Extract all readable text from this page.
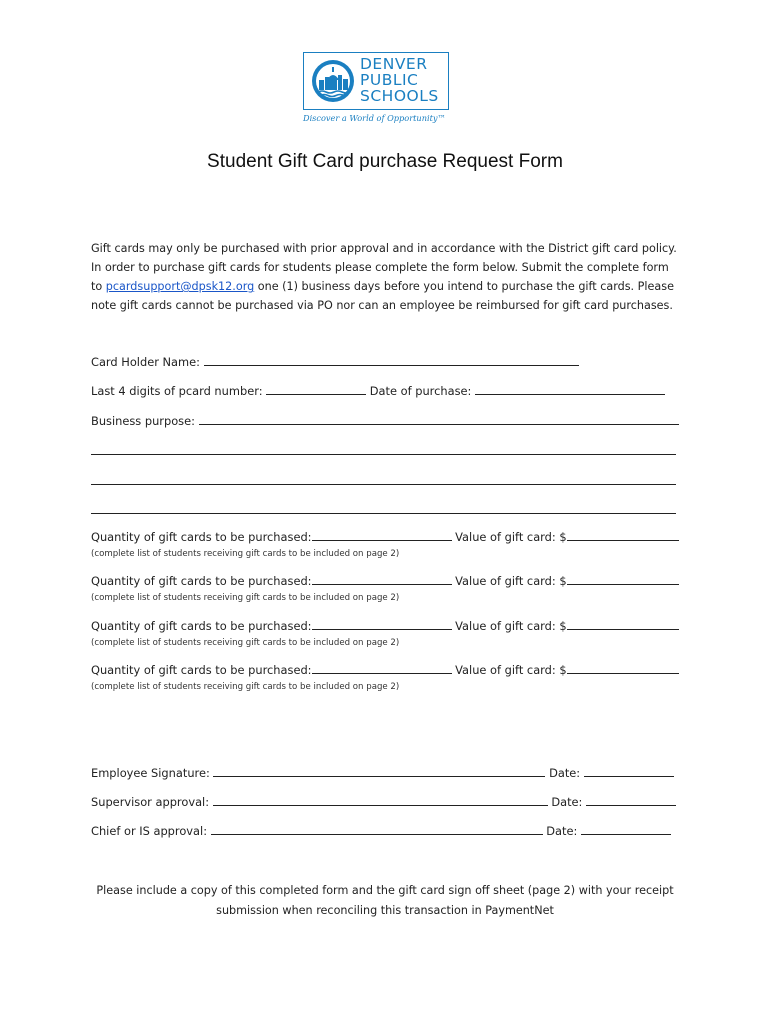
DENVER
PUBLIC
SCHOOLS
Discover a World of Opportunity™
Student Gift Card purchase Request Form

Gift cards may only be purchased with prior approval and in accordance with the District gift card policy.

In order to purchase gift cards for students please complete the form below. Submit the complete form

to pcardsupport@dpsk12.org one (1) business days before you intend to purchase the gift cards. Please

note gift cards cannot be purchased via PO nor can an employee be reimbursed for gift card purchases.

Card Holder Name:
Last 4 digits of pcard number:	Date of purchase:
Business purpose:
Quantity of gift cards to be purchased:	Value of gift card: $
(complete list of students receiving gift cards to be included on page 2)
Quantity of gift cards to be purchased:	Value of gift card: $
(complete list of students receiving gift cards to be included on page 2)
Quantity of gift cards to be purchased:	Value of gift card: $
(complete list of students receiving gift cards to be included on page 2)
Quantity of gift cards to be purchased:	Value of gift card: $
(complete list of students receiving gift cards to be included on page 2)
Employee Signature:	Date:
Supervisor approval:	Date:
Chief or IS approval:	Date:

Please include a copy of this completed form and the gift card sign off sheet (page 2) with your receipt

submission when reconciling this transaction in PaymentNet
